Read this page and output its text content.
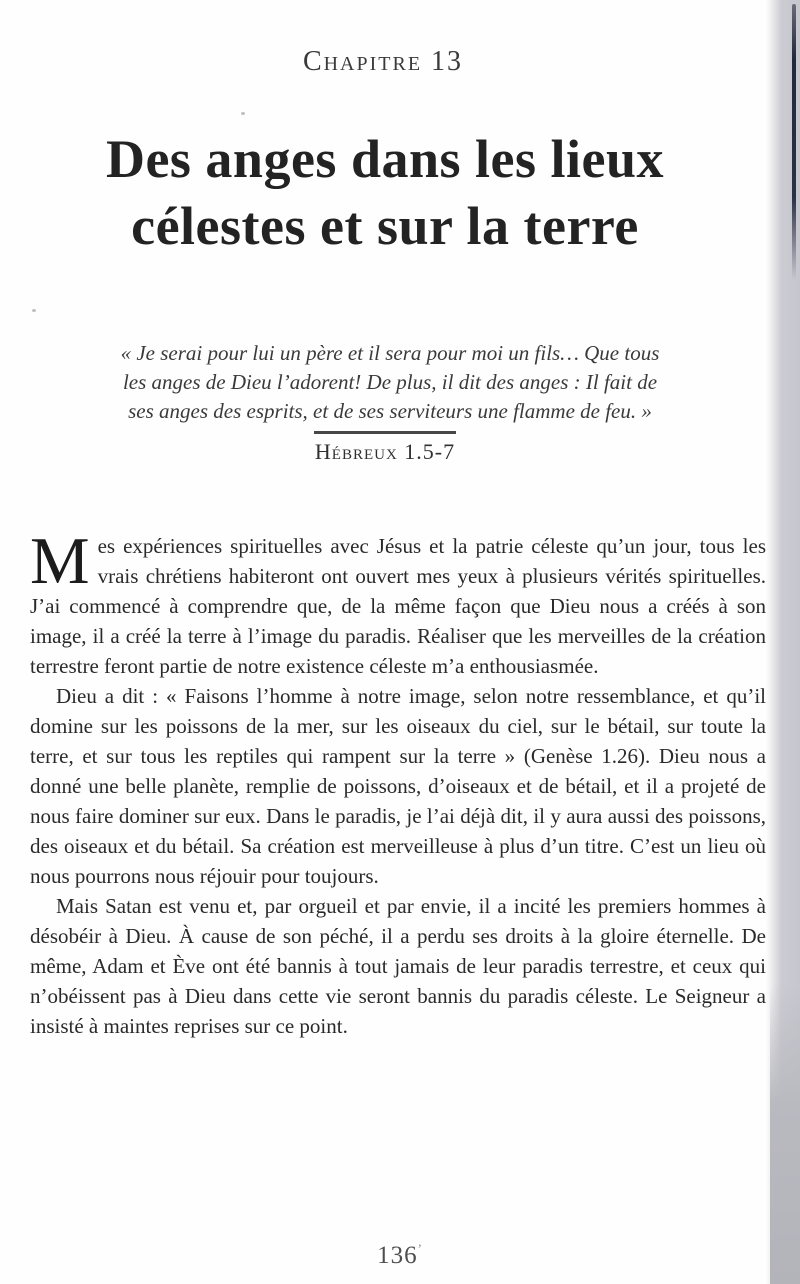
Chapitre 13
Des anges dans les lieux
célestes et sur la terre
« Je serai pour lui un père et il sera pour moi un fils… Que tous
les anges de Dieu l’adorent! De plus, il dit des anges : Il fait de
ses anges des esprits, et de ses serviteurs une flamme de feu. »
Hébreux 1.5-7

Mes expériences spirituelles avec Jésus et la patrie céleste qu’un jour, tous les vrais chrétiens habiteront ont ouvert mes yeux à plusieurs vérités spirituelles. J’ai commencé à comprendre que, de la même façon que Dieu nous a créés à son image, il a créé la terre à l’image du paradis. Réaliser que les merveilles de la création terrestre feront partie de notre existence céleste m’a enthousiasmée.

Dieu a dit : « Faisons l’homme à notre image, selon notre ressemblance, et qu’il domine sur les poissons de la mer, sur les oiseaux du ciel, sur le bétail, sur toute la terre, et sur tous les reptiles qui rampent sur la terre » (Genèse 1.26). Dieu nous a donné une belle planète, remplie de poissons, d’oiseaux et de bétail, et il a projeté de nous faire dominer sur eux. Dans le paradis, je l’ai déjà dit, il y aura aussi des poissons, des oiseaux et du bétail. Sa création est merveilleuse à plus d’un titre. C’est un lieu où nous pourrons nous réjouir pour toujours.

Mais Satan est venu et, par orgueil et par envie, il a incité les premiers hommes à désobéir à Dieu. À cause de son péché, il a perdu ses droits à la gloire éternelle. De même, Adam et Ève ont été bannis à tout jamais de leur paradis terrestre, et ceux qui n’obéissent pas à Dieu dans cette vie seront bannis du paradis céleste. Le Seigneur a insisté à maintes reprises sur ce point.

136’
